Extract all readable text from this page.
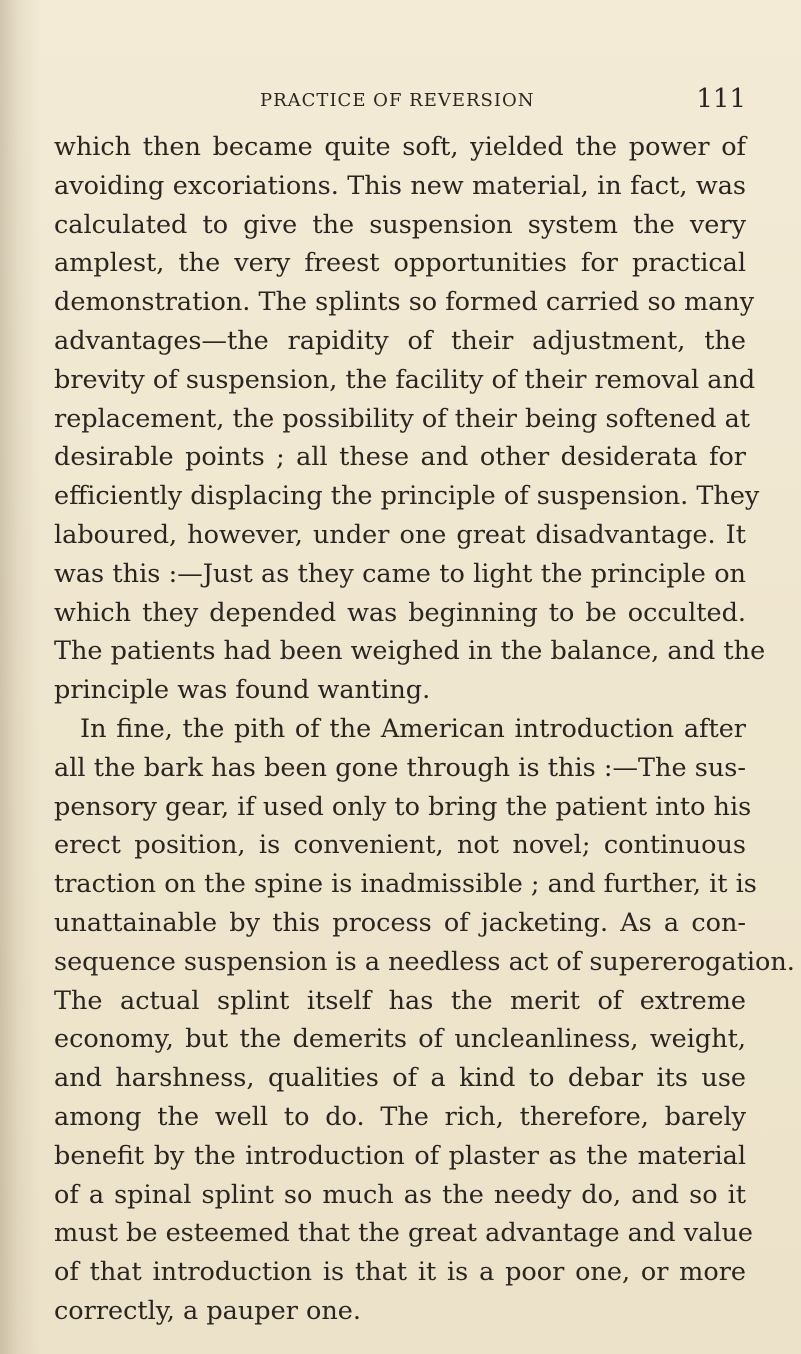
PRACTICE OF REVERSION	111
which then became quite soft, yielded the power of
avoiding excoriations. This new material, in fact, was
calculated to give the suspension system the very
amplest, the very freest opportunities for practical
demonstration. The splints so formed carried so many
advantages—the rapidity of their adjustment, the
brevity of suspension, the facility of their removal and
replacement, the possibility of their being softened at
desirable points ; all these and other desiderata for
efficiently displacing the principle of suspension. They
laboured, however, under one great disadvantage. It
was this :—Just as they came to light the principle on
which they depended was beginning to be occulted.
The patients had been weighed in the balance, and the
principle was found wanting.
In fine, the pith of the American introduction after
all the bark has been gone through is this :—The sus-
pensory gear, if used only to bring the patient into his
erect position, is convenient, not novel; continuous
traction on the spine is inadmissible ; and further, it is
unattainable by this process of jacketing. As a con-
sequence suspension is a needless act of supererogation.
The actual splint itself has the merit of extreme
economy, but the demerits of uncleanliness, weight,
and harshness, qualities of a kind to debar its use
among the well to do. The rich, therefore, barely
benefit by the introduction of plaster as the material
of a spinal splint so much as the needy do, and so it
must be esteemed that the great advantage and value
of that introduction is that it is a poor one, or more
correctly, a pauper one.
